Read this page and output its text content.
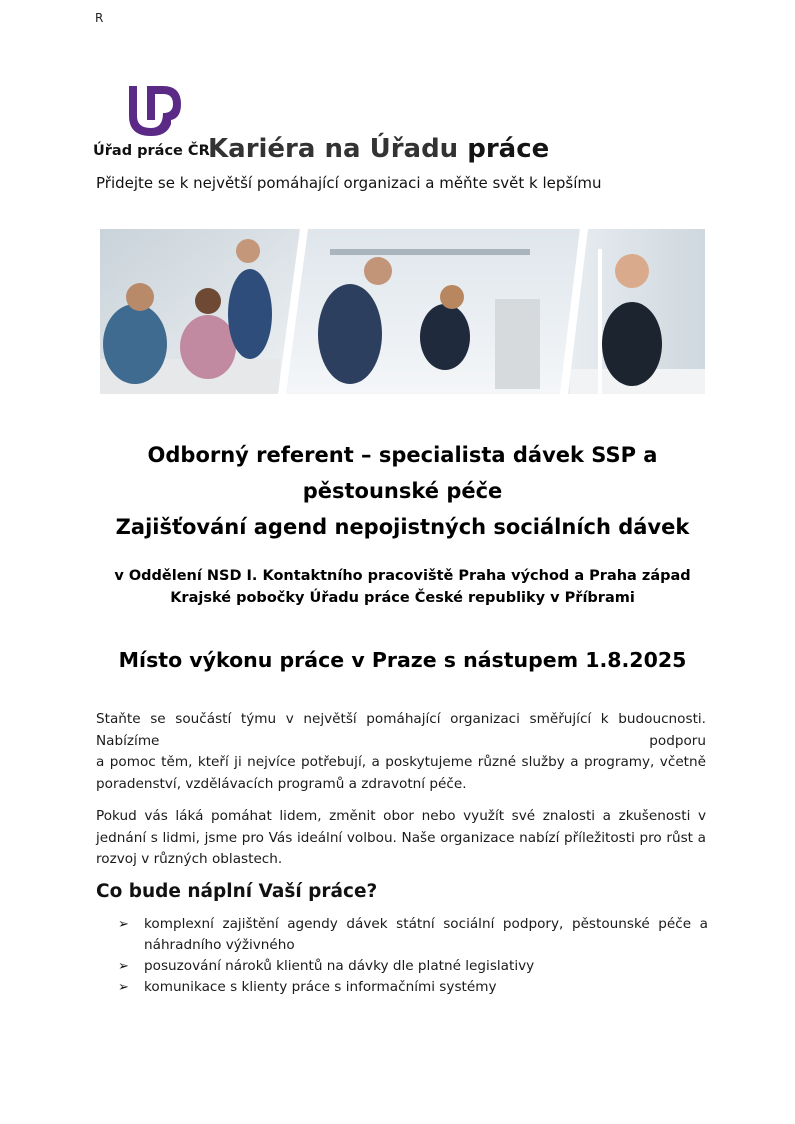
R
Úřad práce ČR
Kariéra na Úřadu práce
Přidejte se k největší pomáhající organizaci a měňte svět k lepšímu
Odborný referent – specialista dávek SSP a
pěstounské péče
Zajišťování agend nepojistných sociálních dávek
v Oddělení NSD I. Kontaktního pracoviště Praha východ a Praha západ
Krajské pobočky Úřadu práce České republiky v Příbrami
Místo výkonu práce v Praze s nástupem 1.8.2025
Staňte se součástí týmu v největší pomáhající organizaci směřující k budoucnosti.
Nabízíme	podporu
a pomoc těm, kteří ji nejvíce potřebují, a poskytujeme různé služby a programy, včetně
poradenství, vzdělávacích programů a zdravotní péče.
Pokud vás láká pomáhat lidem, změnit obor nebo využít své znalosti a zkušenosti v
jednání s lidmi, jsme pro Vás ideální volbou. Naše organizace nabízí příležitosti pro růst a
rozvoj v různých oblastech.
Co bude náplní Vaší práce?
➢ komplexní zajištění agendy dávek státní sociální podpory, pěstounské péče a
náhradního výživného
➢ posuzování nároků klientů na dávky dle platné legislativy
➢ komunikace s klienty práce s informačními systémy
